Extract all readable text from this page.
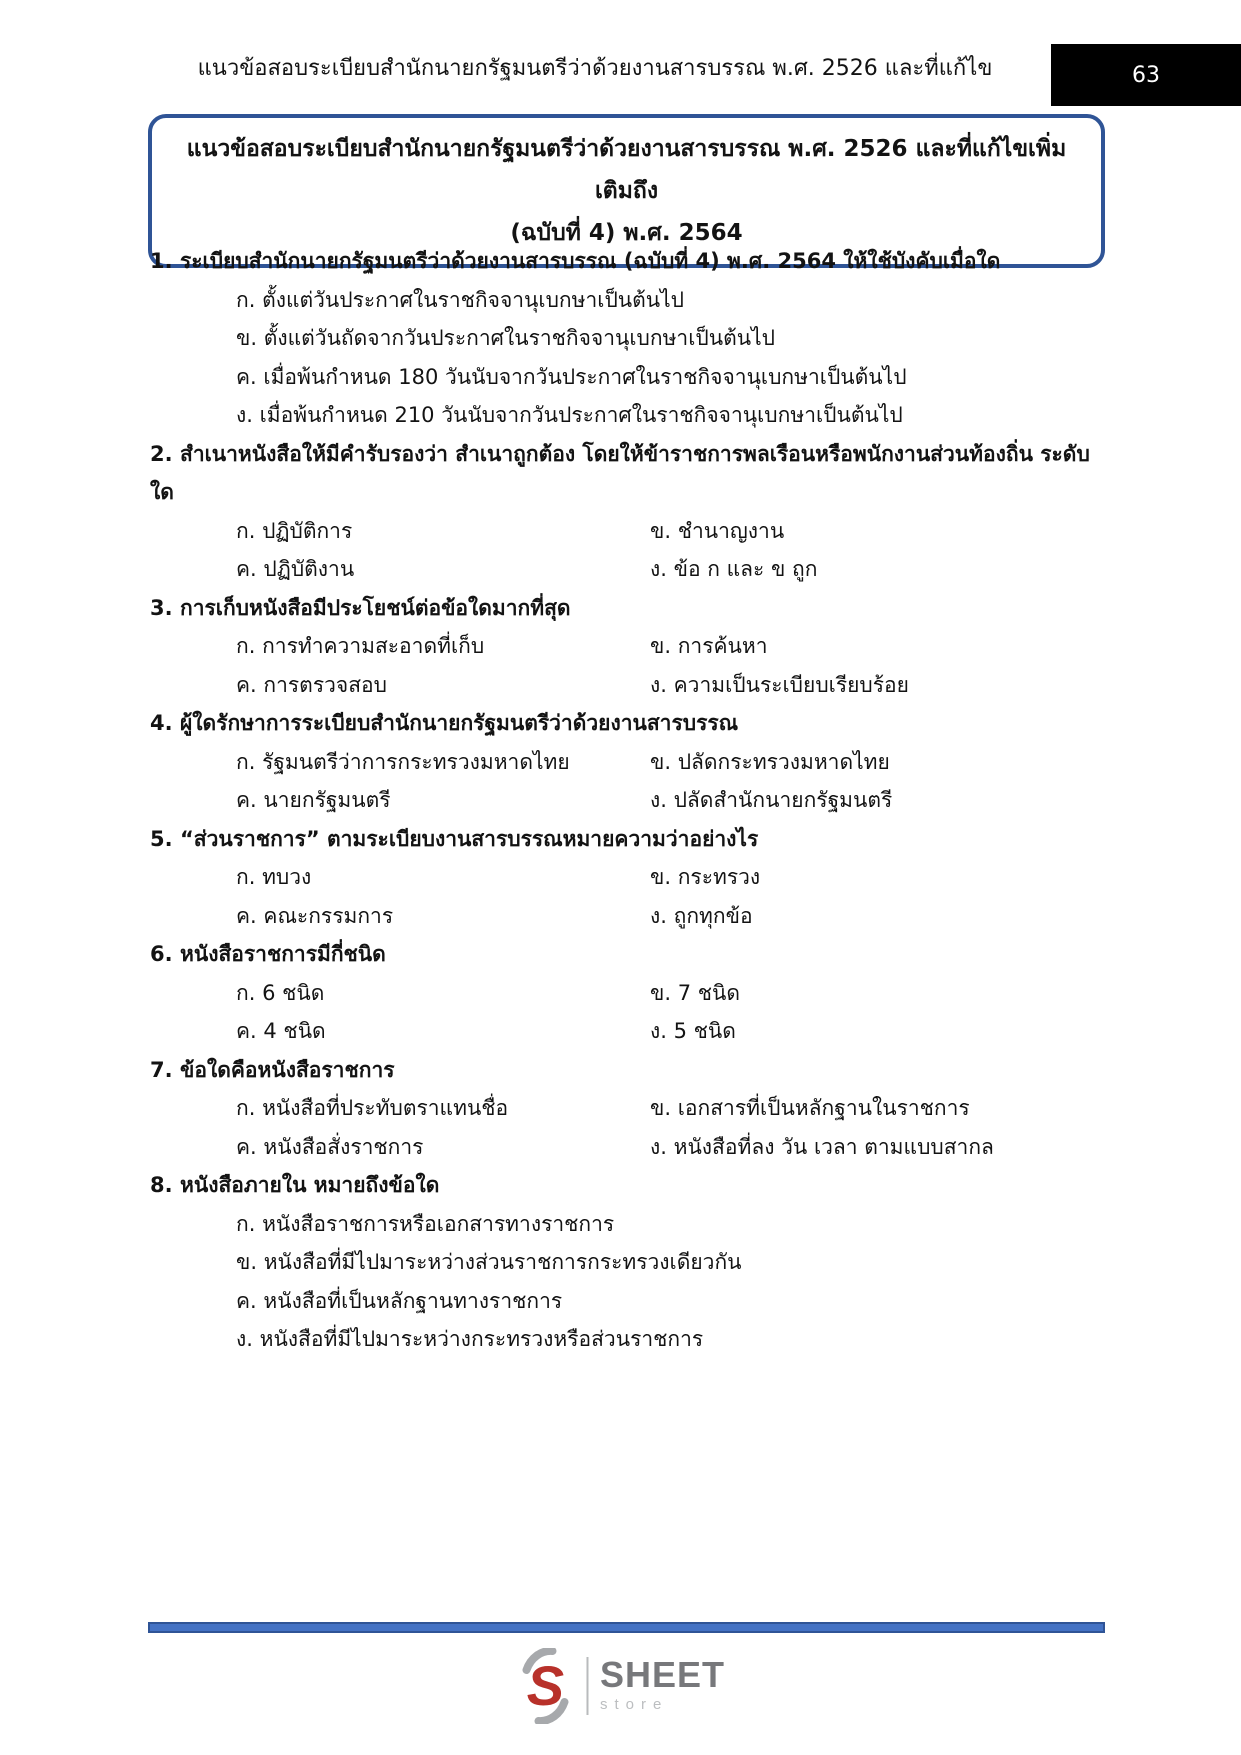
แนวข้อสอบระเบียบสำนักนายกรัฐมนตรีว่าด้วยงานสารบรรณ พ.ศ. 2526 และที่แก้ไข	63
แนวข้อสอบระเบียบสำนักนายกรัฐมนตรีว่าด้วยงานสารบรรณ พ.ศ. 2526 และที่แก้ไขเพิ่มเติมถึง
(ฉบับที่ 4) พ.ศ. 2564
1. ระเบียบสำนักนายกรัฐมนตรีว่าด้วยงานสารบรรณ (ฉบับที่ 4) พ.ศ. 2564 ให้ใช้บังคับเมื่อใด
ก. ตั้งแต่วันประกาศในราชกิจจานุเบกษาเป็นต้นไป
ข. ตั้งแต่วันถัดจากวันประกาศในราชกิจจานุเบกษาเป็นต้นไป
ค. เมื่อพ้นกำหนด 180 วันนับจากวันประกาศในราชกิจจานุเบกษาเป็นต้นไป
ง. เมื่อพ้นกำหนด 210 วันนับจากวันประกาศในราชกิจจานุเบกษาเป็นต้นไป
2. สำเนาหนังสือให้มีคำรับรองว่า สำเนาถูกต้อง โดยให้ข้าราชการพลเรือนหรือพนักงานส่วนท้องถิ่น ระดับใด
ก. ปฏิบัติการ	ข. ชำนาญงาน
ค. ปฏิบัติงาน	ง. ข้อ ก และ ข ถูก
3. การเก็บหนังสือมีประโยชน์ต่อข้อใดมากที่สุด
ก. การทำความสะอาดที่เก็บ	ข. การค้นหา
ค. การตรวจสอบ	ง. ความเป็นระเบียบเรียบร้อย
4. ผู้ใดรักษาการระเบียบสำนักนายกรัฐมนตรีว่าด้วยงานสารบรรณ
ก. รัฐมนตรีว่าการกระทรวงมหาดไทย	ข. ปลัดกระทรวงมหาดไทย
ค. นายกรัฐมนตรี	ง. ปลัดสำนักนายกรัฐมนตรี
5. “ส่วนราชการ” ตามระเบียบงานสารบรรณหมายความว่าอย่างไร
ก. ทบวง	ข. กระทรวง
ค. คณะกรรมการ	ง. ถูกทุกข้อ
6. หนังสือราชการมีกี่ชนิด
ก. 6 ชนิด	ข. 7 ชนิด
ค. 4 ชนิด	ง. 5 ชนิด
7. ข้อใดคือหนังสือราชการ
ก. หนังสือที่ประทับตราแทนชื่อ	ข. เอกสารที่เป็นหลักฐานในราชการ
ค. หนังสือสั่งราชการ	ง. หนังสือที่ลง วัน เวลา ตามแบบสากล
8. หนังสือภายใน หมายถึงข้อใด
ก. หนังสือราชการหรือเอกสารทางราชการ
ข. หนังสือที่มีไปมาระหว่างส่วนราชการกระทรวงเดียวกัน
ค. หนังสือที่เป็นหลักฐานทางราชการ
ง. หนังสือที่มีไปมาระหว่างกระทรวงหรือส่วนราชการ
S SHEET
store
